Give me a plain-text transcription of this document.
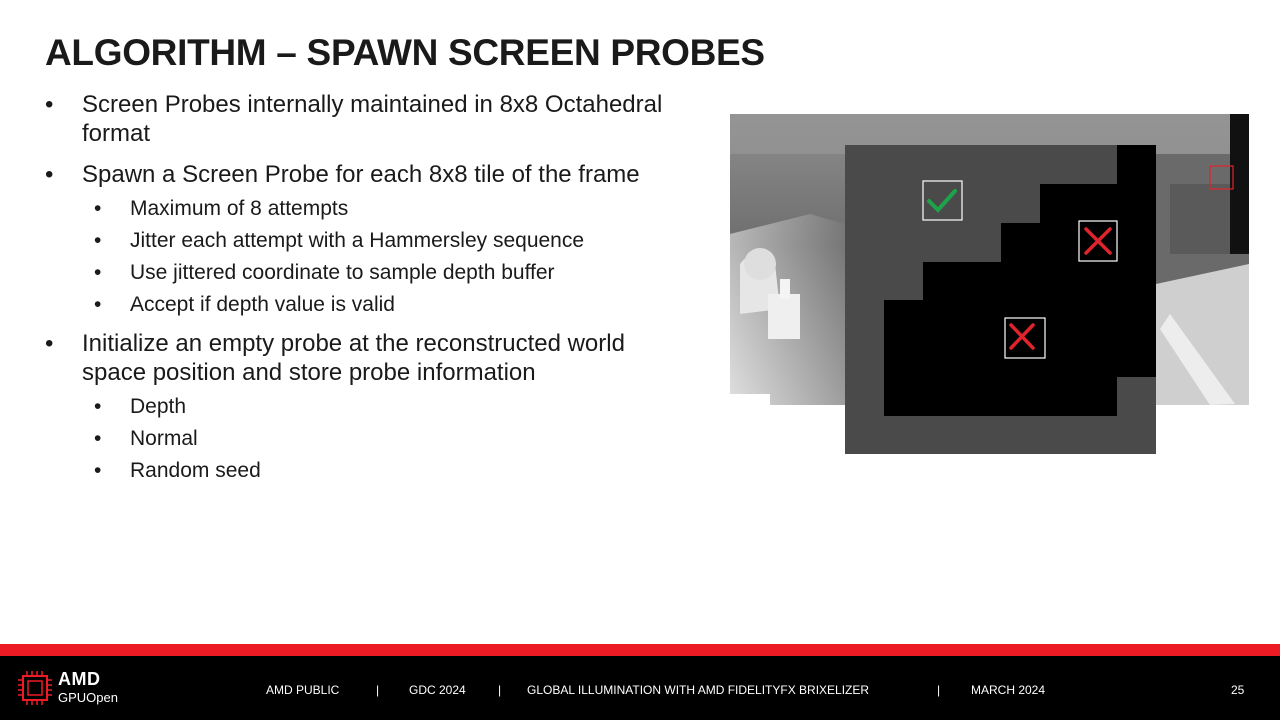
ALGORITHM – SPAWN SCREEN PROBES
• Screen Probes internally maintained in 8x8 Octahedral format
• Spawn a Screen Probe for each 8x8 tile of the frame
• Maximum of 8 attempts
• Jitter each attempt with a Hammersley sequence
• Use jittered coordinate to sample depth buffer
• Accept if depth value is valid
• Initialize an empty probe at the reconstructed world space position and store probe information
• Depth
• Normal
• Random seed
AMD
GPUOpen	AMD PUBLIC	| GDC 2024	| GLOBAL ILLUMINATION WITH AMD FIDELITYFX BRIXELIZER	|	MARCH 2024	25
